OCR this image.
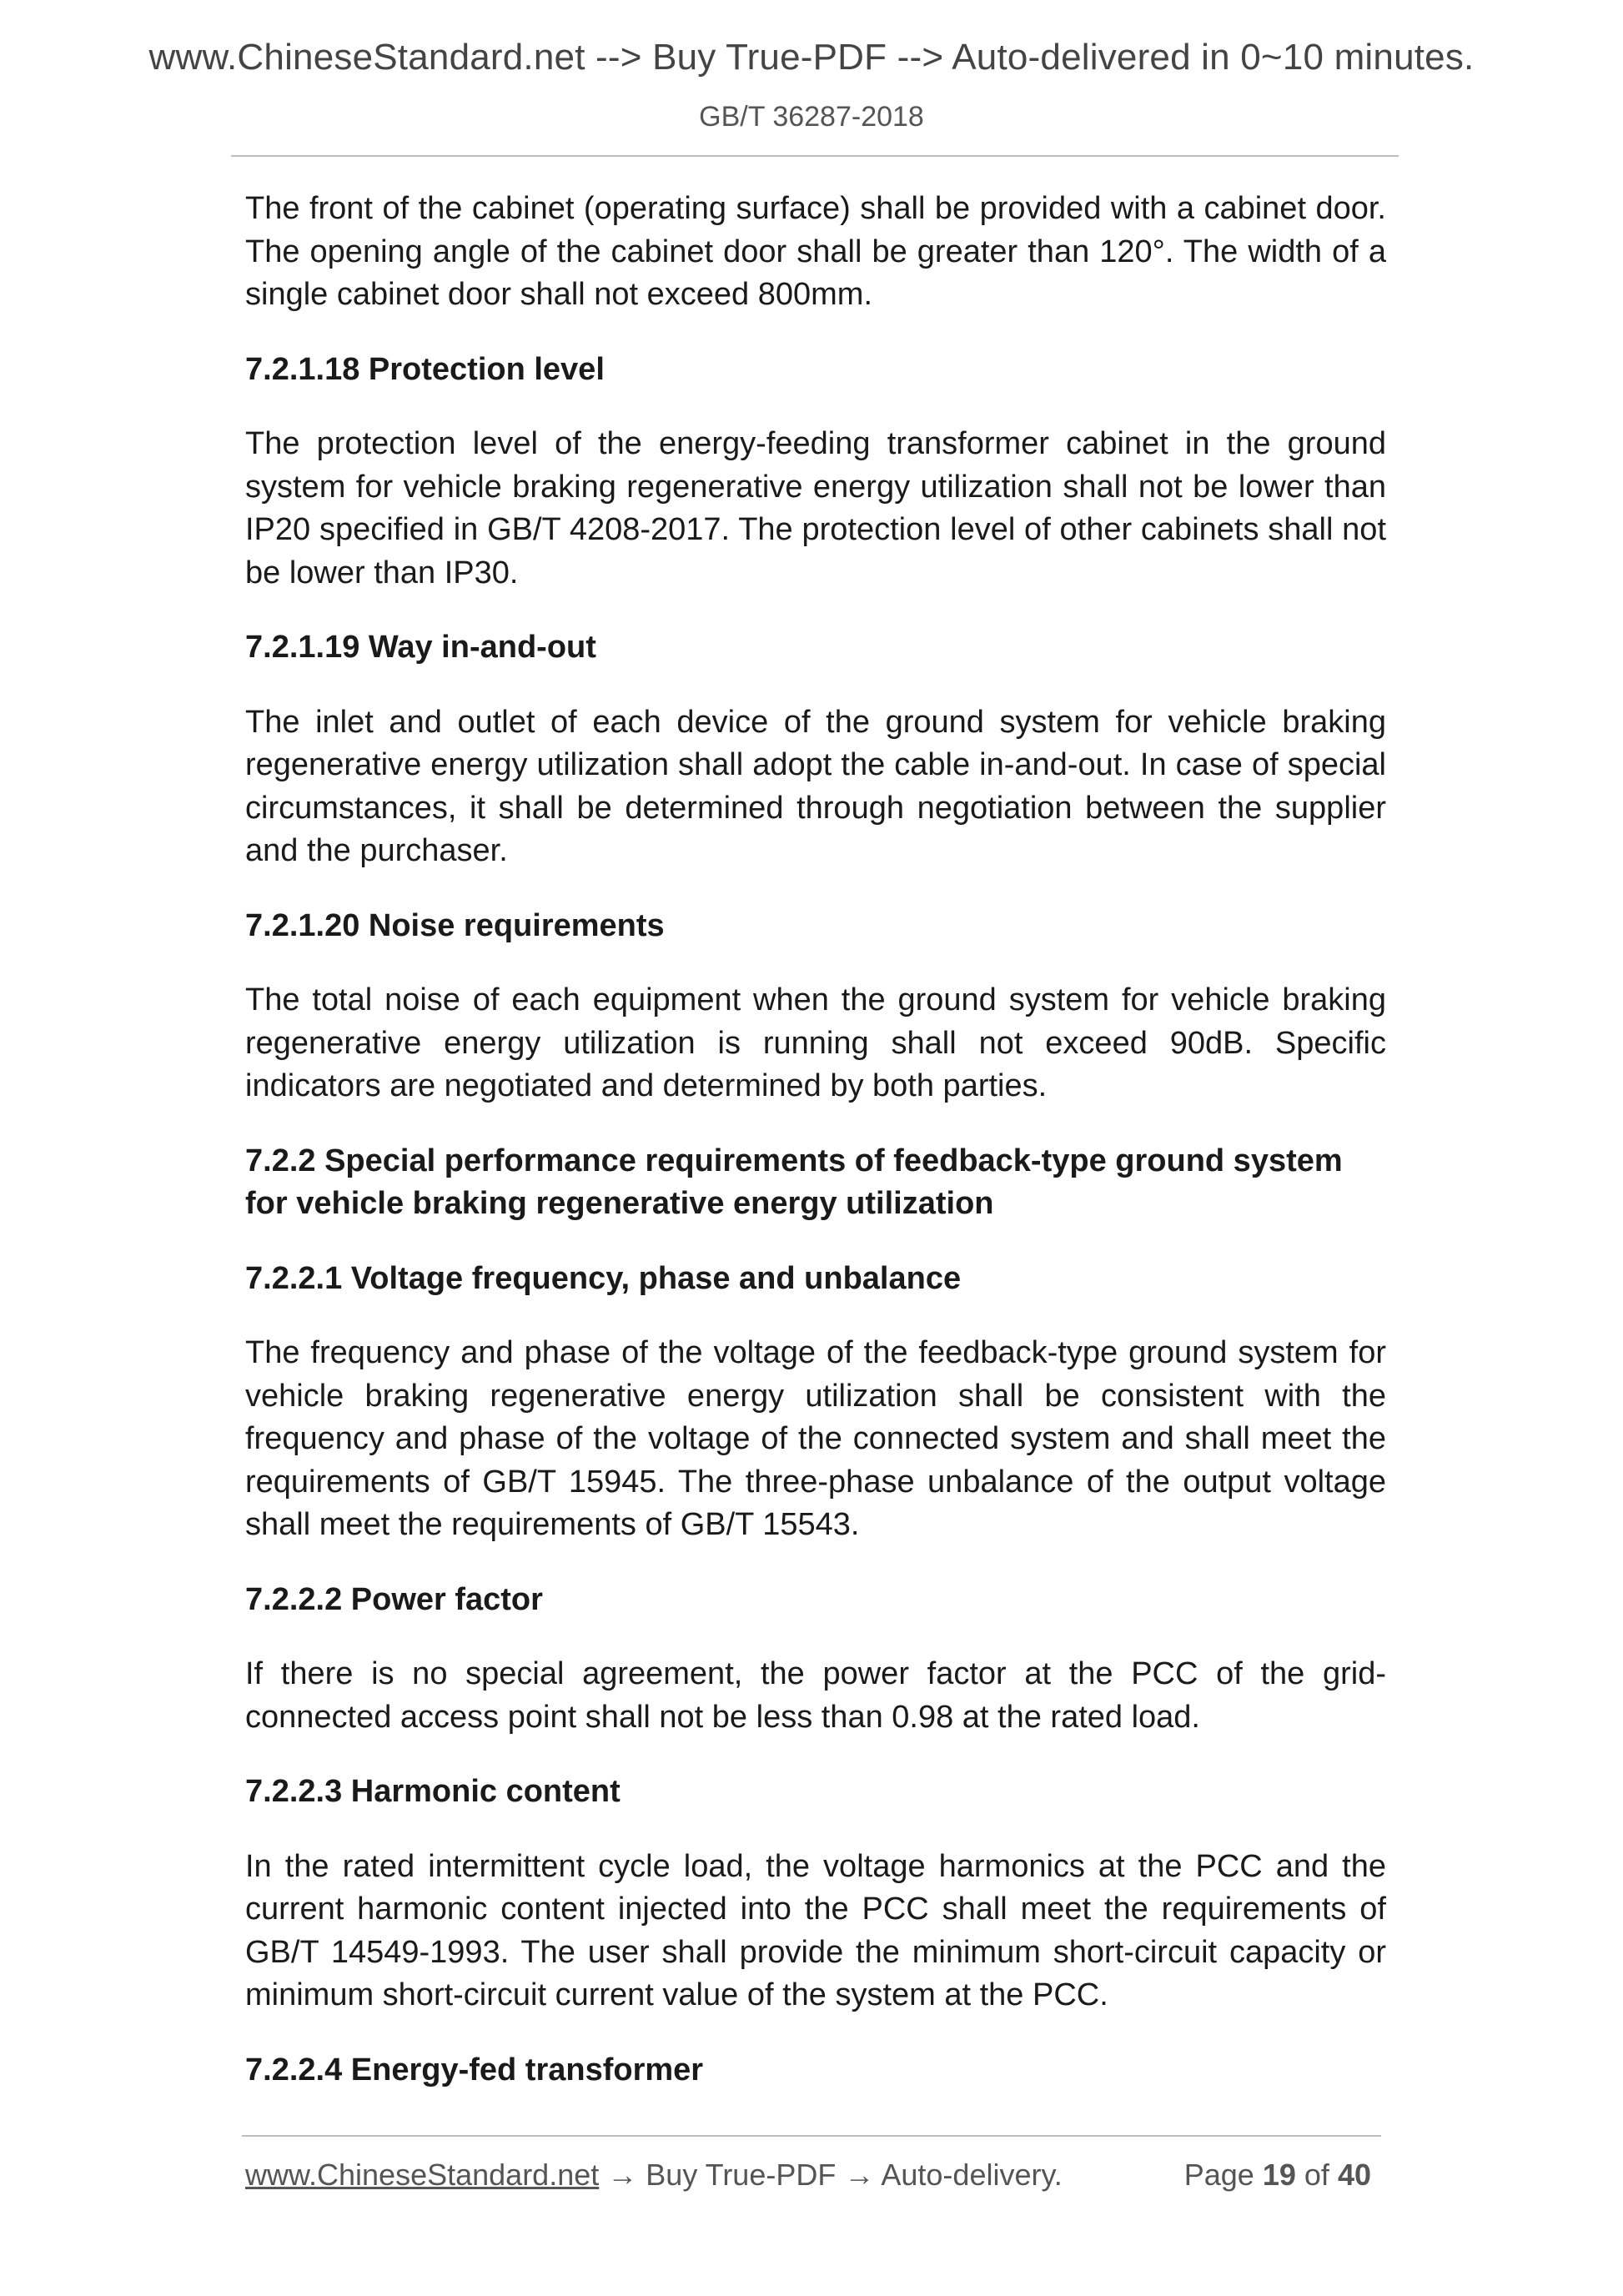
www.ChineseStandard.net --> Buy True-PDF --> Auto-delivered in 0~10 minutes.
GB/T 36287-2018

The front of the cabinet (operating surface) shall be provided with a cabinet door. The opening angle of the cabinet door shall be greater than 120°. The width of a single cabinet door shall not exceed 800mm.

7.2.1.18 Protection level

The protection level of the energy-feeding transformer cabinet in the ground system for vehicle braking regenerative energy utilization shall not be lower than IP20 specified in GB/T 4208-2017. The protection level of other cabinets shall not be lower than IP30.

7.2.1.19 Way in-and-out

The inlet and outlet of each device of the ground system for vehicle braking regenerative energy utilization shall adopt the cable in-and-out. In case of special circumstances, it shall be determined through negotiation between the supplier and the purchaser.

7.2.1.20 Noise requirements

The total noise of each equipment when the ground system for vehicle braking regenerative energy utilization is running shall not exceed 90dB. Specific indicators are negotiated and determined by both parties.

7.2.2 Special performance requirements of feedback-type ground system for vehicle braking regenerative energy utilization

7.2.2.1 Voltage frequency, phase and unbalance

The frequency and phase of the voltage of the feedback-type ground system for vehicle braking regenerative energy utilization shall be consistent with the frequency and phase of the voltage of the connected system and shall meet the requirements of GB/T 15945. The three-phase unbalance of the output voltage shall meet the requirements of GB/T 15543.

7.2.2.2 Power factor

If there is no special agreement, the power factor at the PCC of the grid-connected access point shall not be less than 0.98 at the rated load.

7.2.2.3 Harmonic content

In the rated intermittent cycle load, the voltage harmonics at the PCC and the current harmonic content injected into the PCC shall meet the requirements of GB/T 14549-1993. The user shall provide the minimum short-circuit capacity or minimum short-circuit current value of the system at the PCC.

7.2.2.4 Energy-fed transformer

www.ChineseStandard.net → Buy True-PDF → Auto-delivery.	Page 19 of 40
